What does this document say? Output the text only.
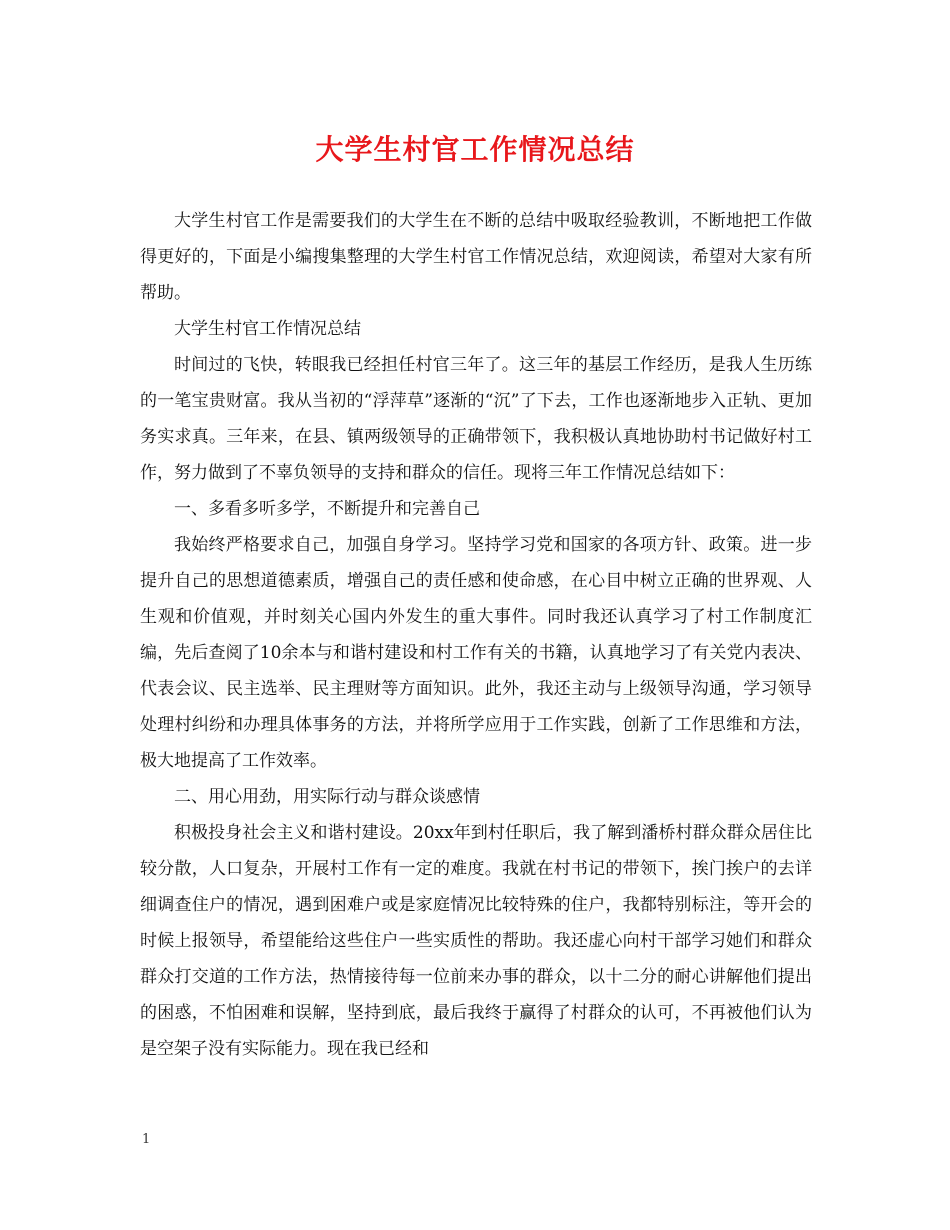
大学生村官工作情况总结

大学生村官工作是需要我们的大学生在不断的总结中吸取经验教训，不断地把工作做得更好的，下面是小编搜集整理的大学生村官工作情况总结，欢迎阅读，希望对大家有所帮助。

大学生村官工作情况总结

时间过的飞快，转眼我已经担任村官三年了。这三年的基层工作经历，是我人生历练的一笔宝贵财富。我从当初的“浮萍草”逐渐的“沉”了下去，工作也逐渐地步入正轨、更加务实求真。三年来，在县、镇两级领导的正确带领下，我积极认真地协助村书记做好村工作，努力做到了不辜负领导的支持和群众的信任。现将三年工作情况总结如下：

一、多看多听多学，不断提升和完善自己

我始终严格要求自己，加强自身学习。坚持学习党和国家的各项方针、政策。进一步提升自己的思想道德素质，增强自己的责任感和使命感，在心目中树立正确的世界观、人生观和价值观，并时刻关心国内外发生的重大事件。同时我还认真学习了村工作制度汇编，先后查阅了10余本与和谐村建设和村工作有关的书籍，认真地学习了有关党内表决、代表会议、民主选举、民主理财等方面知识。此外，我还主动与上级领导沟通，学习领导处理村纠纷和办理具体事务的方法，并将所学应用于工作实践，创新了工作思维和方法，极大地提高了工作效率。

二、用心用劲，用实际行动与群众谈感情

积极投身社会主义和谐村建设。20xx年到村任职后，我了解到潘桥村群众群众居住比较分散，人口复杂，开展村工作有一定的难度。我就在村书记的带领下，挨门挨户的去详细调查住户的情况，遇到困难户或是家庭情况比较特殊的住户，我都特别标注，等开会的时候上报领导，希望能给这些住户一些实质性的帮助。我还虚心向村干部学习她们和群众群众打交道的工作方法，热情接待每一位前来办事的群众，以十二分的耐心讲解他们提出的困惑，不怕困难和误解，坚持到底，最后我终于赢得了村群众的认可，不再被他们认为是空架子没有实际能力。现在我已经和

1
